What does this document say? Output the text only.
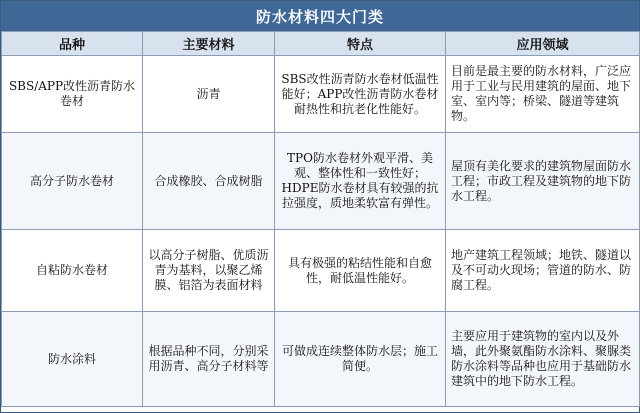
防水材料四大门类
品种	主要材料	特点	应用领域
SBS/APP改性沥青防水卷材	沥青	SBS改性沥青防水卷材低温性能好；APP改性沥青防水卷材耐热性和抗老化性能好。	目前是最主要的防水材料，广泛应用于工业与民用建筑的屋面、地下室、室内等；桥梁、隧道等建筑物。
高分子防水卷材	合成橡胶、合成树脂	TPO防水卷材外观平滑、美观、整体性和一致性好；HDPE防水卷材具有较强的抗拉强度，质地柔软富有弹性。	屋顶有美化要求的建筑物屋面防水工程；市政工程及建筑物的地下防水工程。
自粘防水卷材	以高分子树脂、优质沥青为基料，以聚乙烯膜、铝箔为表面材料	具有极强的粘结性能和自愈性，耐低温性能好。	地产建筑工程领域；地铁、隧道以及不可动火现场；管道的防水、防腐工程。
防水涂料	根据品种不同，分别采用沥青、高分子材料等	可做成连续整体防水层；施工简便。	主要应用于建筑物的室内以及外墙，此外聚氨酯防水涂料、聚脲类防水涂料等品种也应用于基础防水建筑中的地下防水工程。
